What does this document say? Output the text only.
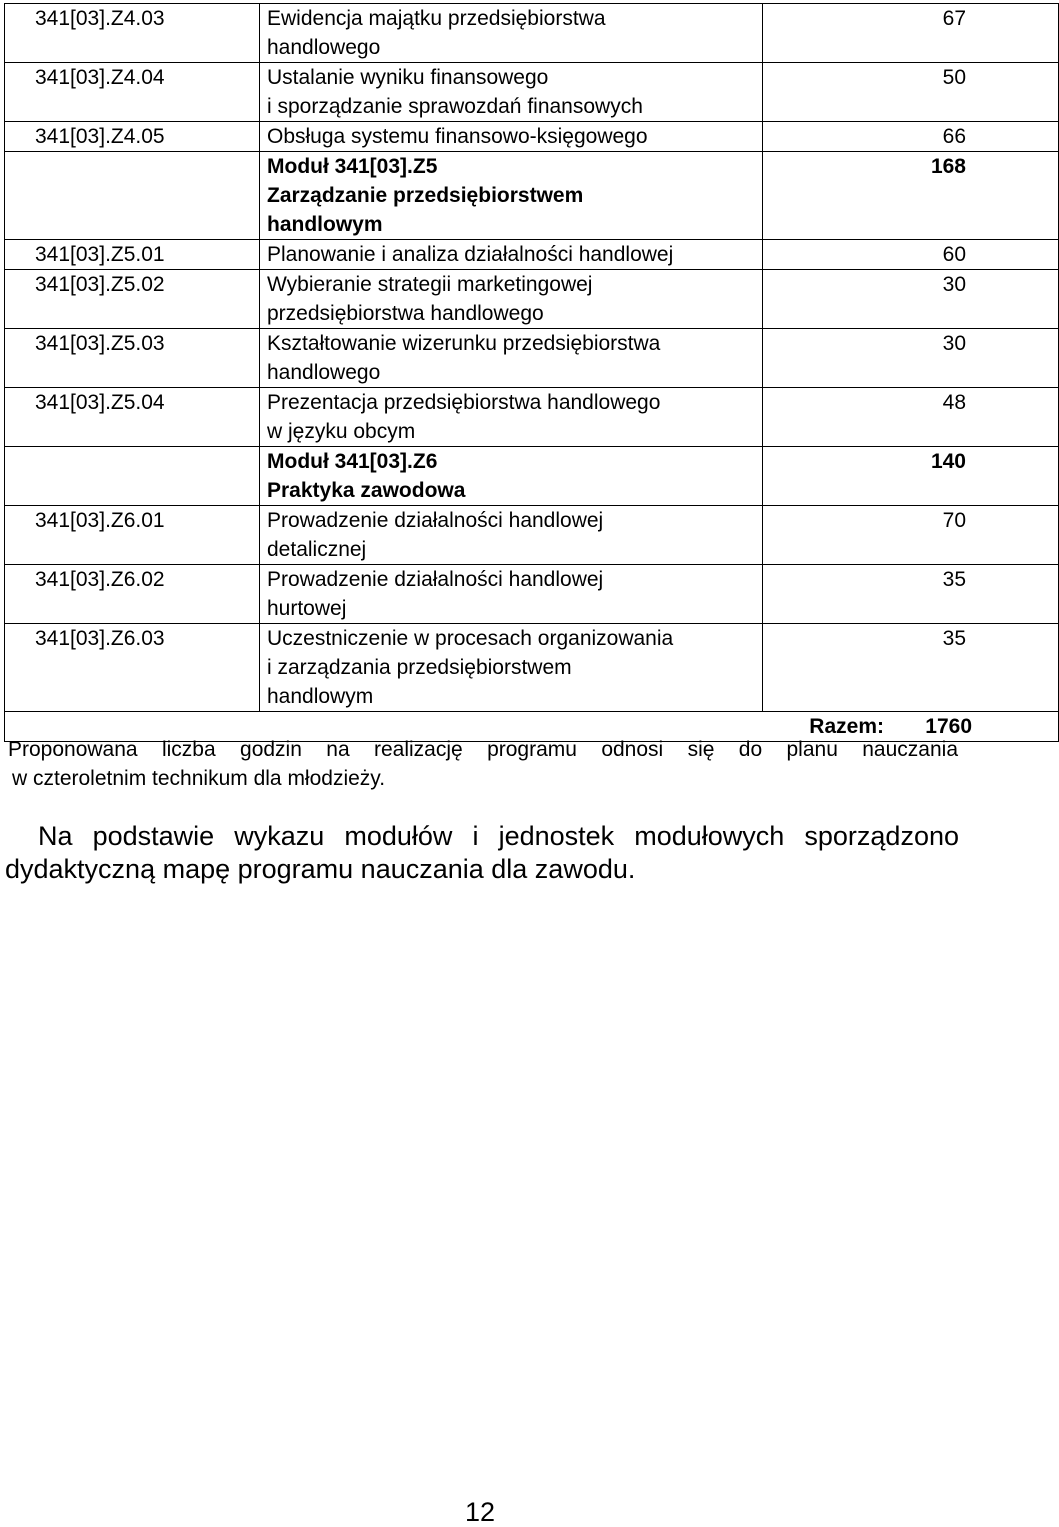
341[03].Z4.03	Ewidencja majątku przedsiębiorstwa
handlowego	67
341[03].Z4.04	Ustalanie wyniku finansowego
i sporządzanie sprawozdań finansowych	50
341[03].Z4.05	Obsługa systemu finansowo-księgowego	66
	Moduł 341[03].Z5
Zarządzanie przedsiębiorstwem
handlowym	168
341[03].Z5.01	Planowanie i analiza działalności handlowej	60
341[03].Z5.02	Wybieranie strategii marketingowej
przedsiębiorstwa handlowego	30
341[03].Z5.03	Kształtowanie wizerunku przedsiębiorstwa
handlowego	30
341[03].Z5.04	Prezentacja przedsiębiorstwa handlowego
w języku obcym	48
	Moduł 341[03].Z6
Praktyka zawodowa	140
341[03].Z6.01	Prowadzenie działalności handlowej
detalicznej	70
341[03].Z6.02	Prowadzenie działalności handlowej
hurtowej	35
341[03].Z6.03	Uczestniczenie w procesach organizowania
i zarządzania przedsiębiorstwem
handlowym	35
Razem: 1760		
Proponowana liczba godzin na realizację programu odnosi się do planu nauczania
w czteroletnim technikum dla młodzieży.
Na podstawie wykazu modułów i jednostek modułowych sporządzono
dydaktyczną mapę programu nauczania dla zawodu.
12
